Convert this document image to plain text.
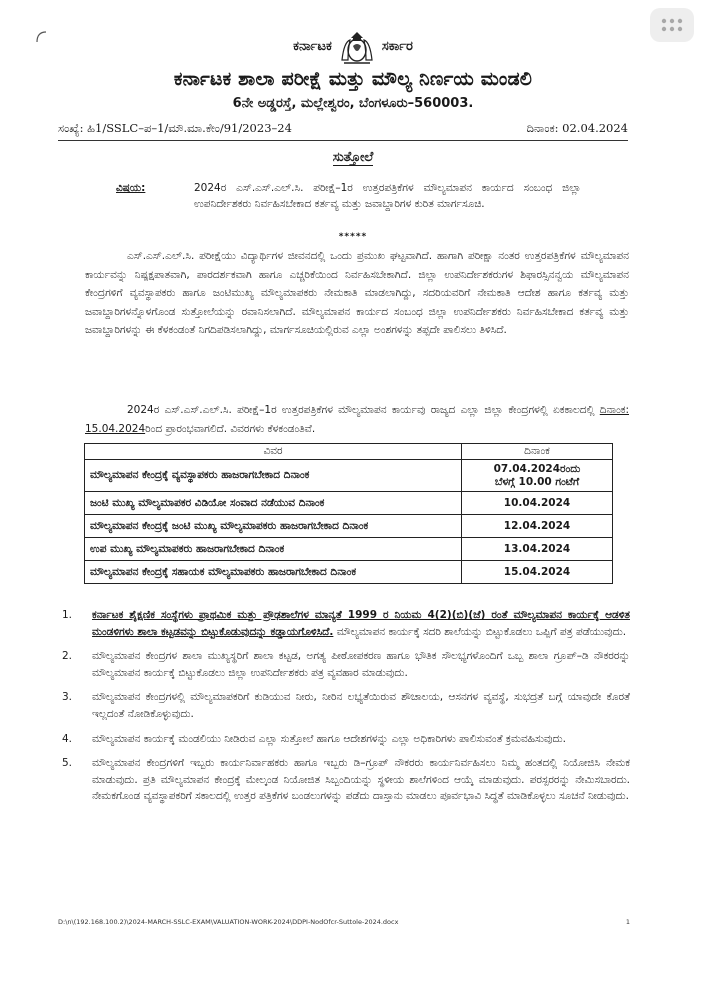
ಕರ್ನಾಟಕ	ಸರ್ಕಾರ
ಕರ್ನಾಟಕ ಶಾಲಾ ಪರೀಕ್ಷೆ ಮತ್ತು ಮೌಲ್ಯ ನಿರ್ಣಯ ಮಂಡಲಿ
6ನೇ ಅಡ್ಡರಸ್ತೆ, ಮಲ್ಲೇಶ್ವರಂ, ಬೆಂಗಳೂರು–560003.
ಸಂಖ್ಯೆ: ಹಿ1/SSLC–ಪ–1/ಮೌ.ಮಾ.ಕೇಂ/91/2023–24	ದಿನಾಂಕ: 02.04.2024
ಸುತ್ತೋಲೆ
ವಿಷಯ:	2024ರ ಎಸ್.ಎಸ್.ಎಲ್.ಸಿ. ಪರೀಕ್ಷೆ–1ರ ಉತ್ತರಪತ್ರಿಕೆಗಳ ಮೌಲ್ಯಮಾಪನ ಕಾರ್ಯದ ಸಂಬಂಧ ಜಿಲ್ಲಾ ಉಪನಿರ್ದೇಶಕರು ನಿರ್ವಹಿಸಬೇಕಾದ ಕರ್ತವ್ಯ ಮತ್ತು ಜವಾಬ್ದಾರಿಗಳ ಕುರಿತ ಮಾರ್ಗಸೂಚಿ.
*****
ಎಸ್.ಎಸ್.ಎಲ್.ಸಿ. ಪರೀಕ್ಷೆಯು ವಿದ್ಯಾರ್ಥಿಗಳ ಜೀವನದಲ್ಲಿ ಒಂದು ಪ್ರಮುಖ ಘಟ್ಟವಾಗಿದೆ. ಹಾಗಾಗಿ ಪರೀಕ್ಷಾ ನಂತರ ಉತ್ತರಪತ್ರಿಕೆಗಳ ಮೌಲ್ಯಮಾಪನ ಕಾರ್ಯವನ್ನು ನಿಷ್ಪಕ್ಷಪಾತವಾಗಿ, ಪಾರದರ್ಶಕವಾಗಿ ಹಾಗೂ ಎಚ್ಚರಿಕೆಯಿಂದ ನಿರ್ವಹಿಸಬೇಕಾಗಿದೆ. ಜಿಲ್ಲಾ ಉಪನಿರ್ದೇಶಕರುಗಳ ಶಿಫಾರಸ್ಸಿನನ್ವಯ ಮೌಲ್ಯಮಾಪನ ಕೇಂದ್ರಗಳಿಗೆ ವ್ಯವಸ್ಥಾಪಕರು ಹಾಗೂ ಜಂಟಿಮುಖ್ಯ ಮೌಲ್ಯಮಾಪಕರು ನೇಮಕಾತಿ ಮಾಡಲಾಗಿದ್ದು, ಸದರಿಯವರಿಗೆ ನೇಮಕಾತಿ ಆದೇಶ ಹಾಗೂ ಕರ್ತವ್ಯ ಮತ್ತು ಜವಾಬ್ದಾರಿಗಳನ್ನೊಳಗೊಂಡ ಸುತ್ತೋಲೆಯನ್ನು ರವಾನಿಸಲಾಗಿದೆ. ಮೌಲ್ಯಮಾಪನ ಕಾರ್ಯದ ಸಂಬಂಧ ಜಿಲ್ಲಾ ಉಪನಿರ್ದೇಶಕರು ನಿರ್ವಹಿಸಬೇಕಾದ ಕರ್ತವ್ಯ ಮತ್ತು ಜವಾಬ್ದಾರಿಗಳನ್ನು ಈ ಕೆಳಕಂಡಂತೆ ನಿಗದಿಪಡಿಸಲಾಗಿದ್ದು, ಮಾರ್ಗಸೂಚಿಯಲ್ಲಿರುವ ಎಲ್ಲಾ ಅಂಶಗಳನ್ನು ತಪ್ಪದೇ ಪಾಲಿಸಲು ತಿಳಿಸಿದೆ.
2024ರ ಎಸ್.ಎಸ್.ಎಲ್.ಸಿ. ಪರೀಕ್ಷೆ–1ರ ಉತ್ತರಪತ್ರಿಕೆಗಳ ಮೌಲ್ಯಮಾಪನ ಕಾರ್ಯವು ರಾಜ್ಯದ ಎಲ್ಲಾ ಜಿಲ್ಲಾ ಕೇಂದ್ರಗಳಲ್ಲಿ ಏಕಕಾಲದಲ್ಲಿ ದಿನಾಂಕ: 15.04.2024ರಿಂದ ಪ್ರಾರಂಭವಾಗಲಿದೆ. ವಿವರಗಳು ಕೆಳಕಂಡಂತಿವೆ.
ವಿವರ	ದಿನಾಂಕ
ಮೌಲ್ಯಮಾಪನ ಕೇಂದ್ರಕ್ಕೆ ವ್ಯವಸ್ಥಾಪಕರು ಹಾಜರಾಗಬೇಕಾದ ದಿನಾಂಕ	07.04.2024ರಂದು
ಬೆಳಗ್ಗೆ 10.00 ಗಂಟೆಗೆ

ಜಂಟಿ ಮುಖ್ಯ ಮೌಲ್ಯಮಾಪಕರ ವಿಡಿಯೋ ಸಂವಾದ ನಡೆಯುವ ದಿನಾಂಕ	10.04.2024
ಮೌಲ್ಯಮಾಪನ ಕೇಂದ್ರಕ್ಕೆ ಜಂಟಿ ಮುಖ್ಯ ಮೌಲ್ಯಮಾಪಕರು ಹಾಜರಾಗಬೇಕಾದ ದಿನಾಂಕ	12.04.2024
ಉಪ ಮುಖ್ಯ ಮೌಲ್ಯಮಾಪಕರು ಹಾಜರಾಗಬೇಕಾದ ದಿನಾಂಕ	13.04.2024
ಮೌಲ್ಯಮಾಪನ ಕೇಂದ್ರಕ್ಕೆ ಸಹಾಯಕ ಮೌಲ್ಯಮಾಪಕರು ಹಾಜರಾಗಬೇಕಾದ ದಿನಾಂಕ	15.04.2024
1. ಕರ್ನಾಟಕ ಶೈಕ್ಷಣಿಕ ಸಂಸ್ಥೆಗಳು ಪ್ರಾಥಮಿಕ ಮತ್ತು ಪ್ರೌಢಶಾಲೆಗಳ ಮಾನ್ಯತೆ 1999 ರ ನಿಯಮ 4(2)(ಬಿ)(ಜೆ) ರಂತೆ ಮೌಲ್ಯಮಾಪನ ಕಾರ್ಯಕ್ಕೆ ಆಡಳಿತ ಮಂಡಳಿಗಳು ಶಾಲಾ ಕಟ್ಟಡವನ್ನು ಬಿಟ್ಟುಕೊಡುವುದನ್ನು ಕಡ್ಡಾಯಗೊಳಿಸಿದೆ. ಮೌಲ್ಯಮಾಪನ ಕಾರ್ಯಕ್ಕೆ ಸದರಿ ಶಾಲೆಯನ್ನು ಬಿಟ್ಟುಕೊಡಲು ಒಪ್ಪಿಗೆ ಪತ್ರ ಪಡೆಯುವುದು.
2. ಮೌಲ್ಯಮಾಪನ ಕೇಂದ್ರಗಳ ಶಾಲಾ ಮುಖ್ಯಸ್ಥರಿಗೆ ಶಾಲಾ ಕಟ್ಟಡ, ಅಗತ್ಯ ಪೀಠೋಪಕರಣ ಹಾಗೂ ಭೌತಿಕ ಸೌಲಭ್ಯಗಳೊಂದಿಗೆ ಒಬ್ಬ ಶಾಲಾ ಗ್ರೂಪ್–ಡಿ ನೌಕರರನ್ನು ಮೌಲ್ಯಮಾಪನ ಕಾರ್ಯಕ್ಕೆ ಬಿಟ್ಟುಕೊಡಲು ಜಿಲ್ಲಾ ಉಪನಿರ್ದೇಶಕರು ಪತ್ರ ವ್ಯವಹಾರ ಮಾಡುವುದು.
3. ಮೌಲ್ಯಮಾಪನ ಕೇಂದ್ರಗಳಲ್ಲಿ ಮೌಲ್ಯಮಾಪಕರಿಗೆ ಕುಡಿಯುವ ನೀರು, ನೀರಿನ ಲಭ್ಯತೆಯಿರುವ ಶೌಚಾಲಯ, ಆಸನಗಳ ವ್ಯವಸ್ಥೆ, ಸುಭದ್ರತೆ ಬಗ್ಗೆ ಯಾವುದೇ ಕೊರತೆ ಇಲ್ಲದಂತೆ ನೋಡಿಕೊಳ್ಳುವುದು.
4. ಮೌಲ್ಯಮಾಪನ ಕಾರ್ಯಕ್ಕೆ ಮಂಡಲಿಯು ನೀಡಿರುವ ಎಲ್ಲಾ ಸುತ್ತೋಲೆ ಹಾಗೂ ಆದೇಶಗಳನ್ನು ಎಲ್ಲಾ ಅಧಿಕಾರಿಗಳು ಪಾಲಿಸುವಂತೆ ಕ್ರಮವಹಿಸುವುದು.
5. ಮೌಲ್ಯಮಾಪನ ಕೇಂದ್ರಗಳಿಗೆ ಇಬ್ಬರು ಕಾರ್ಯನಿರ್ವಾಹಕರು ಹಾಗೂ ಇಬ್ಬರು ಡಿ–ಗ್ರೂಪ್ ನೌಕರರು ಕಾರ್ಯನಿರ್ವಹಿಸಲು ನಿಮ್ಮ ಹಂತದಲ್ಲಿ ನಿಯೋಜಿಸಿ ನೇಮಕ ಮಾಡುವುದು. ಪ್ರತಿ ಮೌಲ್ಯಮಾಪನ ಕೇಂದ್ರಕ್ಕೆ ಮೇಲ್ಕಂಡ ನಿಯೋಜಿತ ಸಿಬ್ಬಂದಿಯನ್ನು ಸ್ಥಳೀಯ ಶಾಲೆಗಳಿಂದ ಆಯ್ಕೆ ಮಾಡುವುದು. ಪರಸ್ಪರರನ್ನು ನೇಮಿಸಬಾರದು. ನೇಮಕಗೊಂಡ ವ್ಯವಸ್ಥಾಪಕರಿಗೆ ಸಕಾಲದಲ್ಲಿ ಉತ್ತರ ಪತ್ರಿಕೆಗಳ ಬಂಡಲುಗಳನ್ನು ಪಡೆದು ದಾಸ್ತಾನು ಮಾಡಲು ಪೂರ್ವಭಾವಿ ಸಿದ್ಧತೆ ಮಾಡಿಕೊಳ್ಳಲು ಸೂಚನೆ ನೀಡುವುದು.
D:\n\(192.168.100.2)\2024-MARCH-SSLC-EXAM\VALUATION-WORK-2024\DDPI-NodOfcr-Suttole-2024.docx	1
